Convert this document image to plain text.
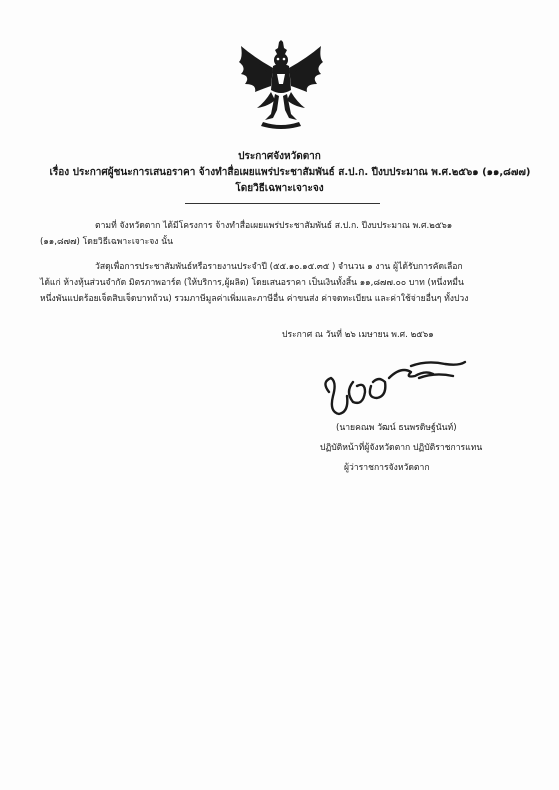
ประกาศจังหวัดตาก
เรื่อง ประกาศผู้ชนะการเสนอราคา จ้างทำสื่อเผยแพร่ประชาสัมพันธ์ ส.ป.ก. ปีงบประมาณ พ.ศ.๒๕๖๑ (๑๑,๘๗๗)
โดยวิธีเฉพาะเจาะจง
ตามที่ จังหวัดตาก ได้มีโครงการ จ้างทำสื่อเผยแพร่ประชาสัมพันธ์ ส.ป.ก. ปีงบประมาณ พ.ศ.๒๕๖๑
(๑๑,๘๗๗) โดยวิธีเฉพาะเจาะจง นั้น
วัสดุเพื่อการประชาสัมพันธ์หรือรายงานประจำปี (๕๕.๑๐.๑๕.๓๕ ) จำนวน ๑ งาน ผู้ได้รับการคัดเลือก
ได้แก่ ห้างหุ้นส่วนจำกัด มิตรภาพอาร์ต (ให้บริการ,ผู้ผลิต) โดยเสนอราคา เป็นเงินทั้งสิ้น ๑๑,๘๗๗.๐๐ บาท (หนึ่งหมื่น
หนึ่งพันแปดร้อยเจ็ดสิบเจ็ดบาทถ้วน) รวมภาษีมูลค่าเพิ่มและภาษีอื่น ค่าขนส่ง ค่าจดทะเบียน และค่าใช้จ่ายอื่นๆ ทั้งปวง
ประกาศ ณ วันที่ ๒๖ เมษายน พ.ศ. ๒๕๖๑
(นายคณพ วัฒน์ ธนพรดิษฐ์นันท์)
ปฏิบัติหน้าที่ผู้จังหวัดตาก ปฏิบัติราชการแทน
ผู้ว่าราชการจังหวัดตาก
